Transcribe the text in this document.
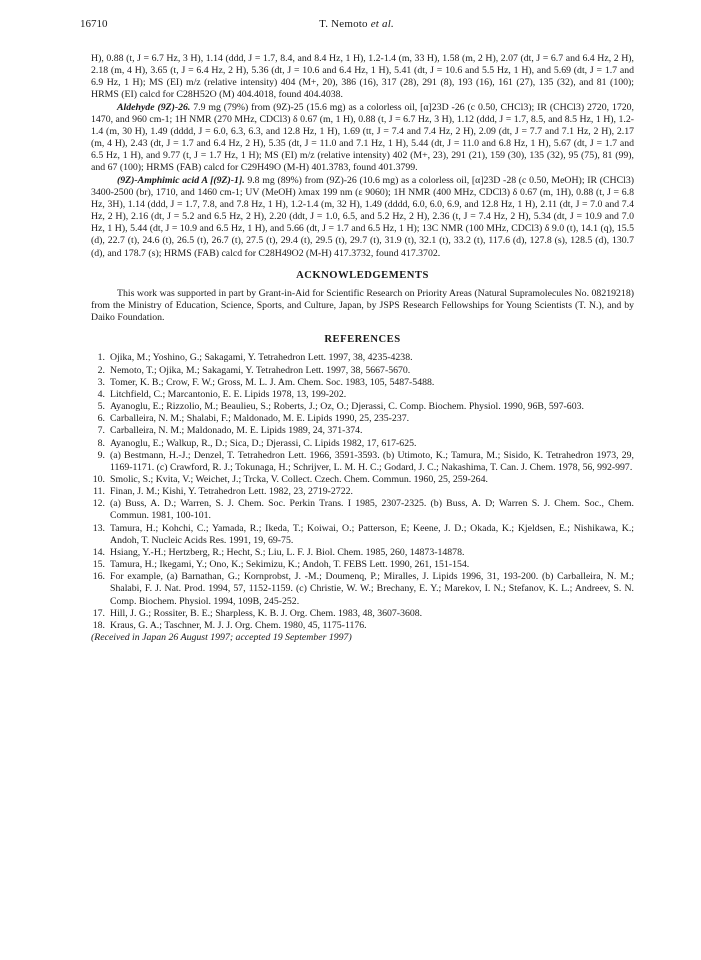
16710	T. Nemoto et al.

H), 0.88 (t, J = 6.7 Hz, 3 H), 1.14 (ddd, J = 1.7, 8.4, and 8.4 Hz, 1 H), 1.2-1.4 (m, 33 H), 1.58 (m, 2 H), 2.07 (dt, J = 6.7 and 6.4 Hz, 2 H), 2.18 (m, 4 H), 3.65 (t, J = 6.4 Hz, 2 H), 5.36 (dt, J = 10.6 and 6.4 Hz, 1 H), 5.41 (dt, J = 10.6 and 5.5 Hz, 1 H), and 5.69 (dt, J = 1.7 and 6.9 Hz, 1 H); MS (EI) m/z (relative intensity) 404 (M+, 20), 386 (16), 317 (28), 291 (8), 193 (16), 161 (27), 135 (32), and 81 (100); HRMS (EI) calcd for C28H52O (M) 404.4018, found 404.4038.

Aldehyde (9Z)-26. 7.9 mg (79%) from (9Z)-25 (15.6 mg) as a colorless oil, [α]23D -26 (c 0.50, CHCl3); IR (CHCl3) 2720, 1720, 1470, and 960 cm-1; 1H NMR (270 MHz, CDCl3) δ 0.67 (m, 1 H), 0.88 (t, J = 6.7 Hz, 3 H), 1.12 (ddd, J = 1.7, 8.5, and 8.5 Hz, 1 H), 1.2-1.4 (m, 30 H), 1.49 (dddd, J = 6.0, 6.3, 6.3, and 12.8 Hz, 1 H), 1.69 (tt, J = 7.4 and 7.4 Hz, 2 H), 2.09 (dt, J = 7.7 and 7.1 Hz, 2 H), 2.17 (m, 4 H), 2.43 (dt, J = 1.7 and 6.4 Hz, 2 H), 5.35 (dt, J = 11.0 and 7.1 Hz, 1 H), 5.44 (dt, J = 11.0 and 6.8 Hz, 1 H), 5.67 (dt, J = 1.7 and 6.5 Hz, 1 H), and 9.77 (t, J = 1.7 Hz, 1 H); MS (EI) m/z (relative intensity) 402 (M+, 23), 291 (21), 159 (30), 135 (32), 95 (75), 81 (99), and 67 (100); HRMS (FAB) calcd for C29H49O (M-H) 401.3783, found 401.3799.

(9Z)-Amphimic acid A [(9Z)-1]. 9.8 mg (89%) from (9Z)-26 (10.6 mg) as a colorless oil, [α]23D -28 (c 0.50, MeOH); IR (CHCl3) 3400-2500 (br), 1710, and 1460 cm-1; UV (MeOH) λmax 199 nm (ε 9060); 1H NMR (400 MHz, CDCl3) δ 0.67 (m, 1H), 0.88 (t, J = 6.8 Hz, 3H), 1.14 (ddd, J = 1.7, 7.8, and 7.8 Hz, 1 H), 1.2-1.4 (m, 32 H), 1.49 (dddd, 6.0, 6.0, 6.9, and 12.8 Hz, 1 H), 2.11 (dt, J = 7.0 and 7.4 Hz, 2 H), 2.16 (dt, J = 5.2 and 6.5 Hz, 2 H), 2.20 (ddt, J = 1.0, 6.5, and 5.2 Hz, 2 H), 2.36 (t, J = 7.4 Hz, 2 H), 5.34 (dt, J = 10.9 and 7.0 Hz, 1 H), 5.44 (dt, J = 10.9 and 6.5 Hz, 1 H), and 5.66 (dt, J = 1.7 and 6.5 Hz, 1 H); 13C NMR (100 MHz, CDCl3) δ 9.0 (t), 14.1 (q), 15.5 (d), 22.7 (t), 24.6 (t), 26.5 (t), 26.7 (t), 27.5 (t), 29.4 (t), 29.5 (t), 29.7 (t), 31.9 (t), 32.1 (t), 33.2 (t), 117.6 (d), 127.8 (s), 128.5 (d), 130.7 (d), and 178.7 (s); HRMS (FAB) calcd for C28H49O2 (M-H) 417.3732, found 417.3702.

ACKNOWLEDGEMENTS

This work was supported in part by Grant-in-Aid for Scientific Research on Priority Areas (Natural Supramolecules No. 08219218) from the Ministry of Education, Science, Sports, and Culture, Japan, by JSPS Research Fellowships for Young Scientists (T. N.), and by Daiko Foundation.

REFERENCES
1. Ojika, M.; Yoshino, G.; Sakagami, Y. Tetrahedron Lett. 1997, 38, 4235-4238.
2. Nemoto, T.; Ojika, M.; Sakagami, Y. Tetrahedron Lett. 1997, 38, 5667-5670.
3. Tomer, K. B.; Crow, F. W.; Gross, M. L. J. Am. Chem. Soc. 1983, 105, 5487-5488.
4. Litchfield, C.; Marcantonio, E. E. Lipids 1978, 13, 199-202.
5. Ayanoglu, E.; Rizzolio, M.; Beaulieu, S.; Roberts, J.; Oz, O.; Djerassi, C. Comp. Biochem. Physiol. 1990, 96B, 597-603.
6. Carballeira, N. M.; Shalabi, F.; Maldonado, M. E. Lipids 1990, 25, 235-237.
7. Carballeira, N. M.; Maldonado, M. E. Lipids 1989, 24, 371-374.
8. Ayanoglu, E.; Walkup, R., D.; Sica, D.; Djerassi, C. Lipids 1982, 17, 617-625.
9. (a) Bestmann, H.-J.; Denzel, T. Tetrahedron Lett. 1966, 3591-3593. (b) Utimoto, K.; Tamura, M.; Sisido, K. Tetrahedron 1973, 29, 1169-1171. (c) Crawford, R. J.; Tokunaga, H.; Schrijver, L. M. H. C.; Godard, J. C.; Nakashima, T. Can. J. Chem. 1978, 56, 992-997.
10. Smolic, S.; Kvita, V.; Weichet, J.; Trcka, V. Collect. Czech. Chem. Commun. 1960, 25, 259-264.
11. Finan, J. M.; Kishi, Y. Tetrahedron Lett. 1982, 23, 2719-2722.
12. (a) Buss, A. D.; Warren, S. J. Chem. Soc. Perkin Trans. I 1985, 2307-2325. (b) Buss, A. D; Warren S. J. Chem. Soc., Chem. Commun. 1981, 100-101.
13. Tamura, H.; Kohchi, C.; Yamada, R.; Ikeda, T.; Koiwai, O.; Patterson, E; Keene, J. D.; Okada, K.; Kjeldsen, E.; Nishikawa, K.; Andoh, T. Nucleic Acids Res. 1991, 19, 69-75.
14. Hsiang, Y.-H.; Hertzberg, R.; Hecht, S.; Liu, L. F. J. Biol. Chem. 1985, 260, 14873-14878.
15. Tamura, H.; Ikegami, Y.; Ono, K.; Sekimizu, K.; Andoh, T. FEBS Lett. 1990, 261, 151-154.
16. For example, (a) Barnathan, G.; Kornprobst, J. -M.; Doumenq, P.; Miralles, J. Lipids 1996, 31, 193-200. (b) Carballeira, N. M.; Shalabi, F. J. Nat. Prod. 1994, 57, 1152-1159. (c) Christie, W. W.; Brechany, E. Y.; Marekov, I. N.; Stefanov, K. L.; Andreev, S. N. Comp. Biochem. Physiol. 1994, 109B, 245-252.
17. Hill, J. G.; Rossiter, B. E.; Sharpless, K. B. J. Org. Chem. 1983, 48, 3607-3608.
18. Kraus, G. A.; Taschner, M. J. J. Org. Chem. 1980, 45, 1175-1176.

(Received in Japan 26 August 1997; accepted 19 September 1997)
